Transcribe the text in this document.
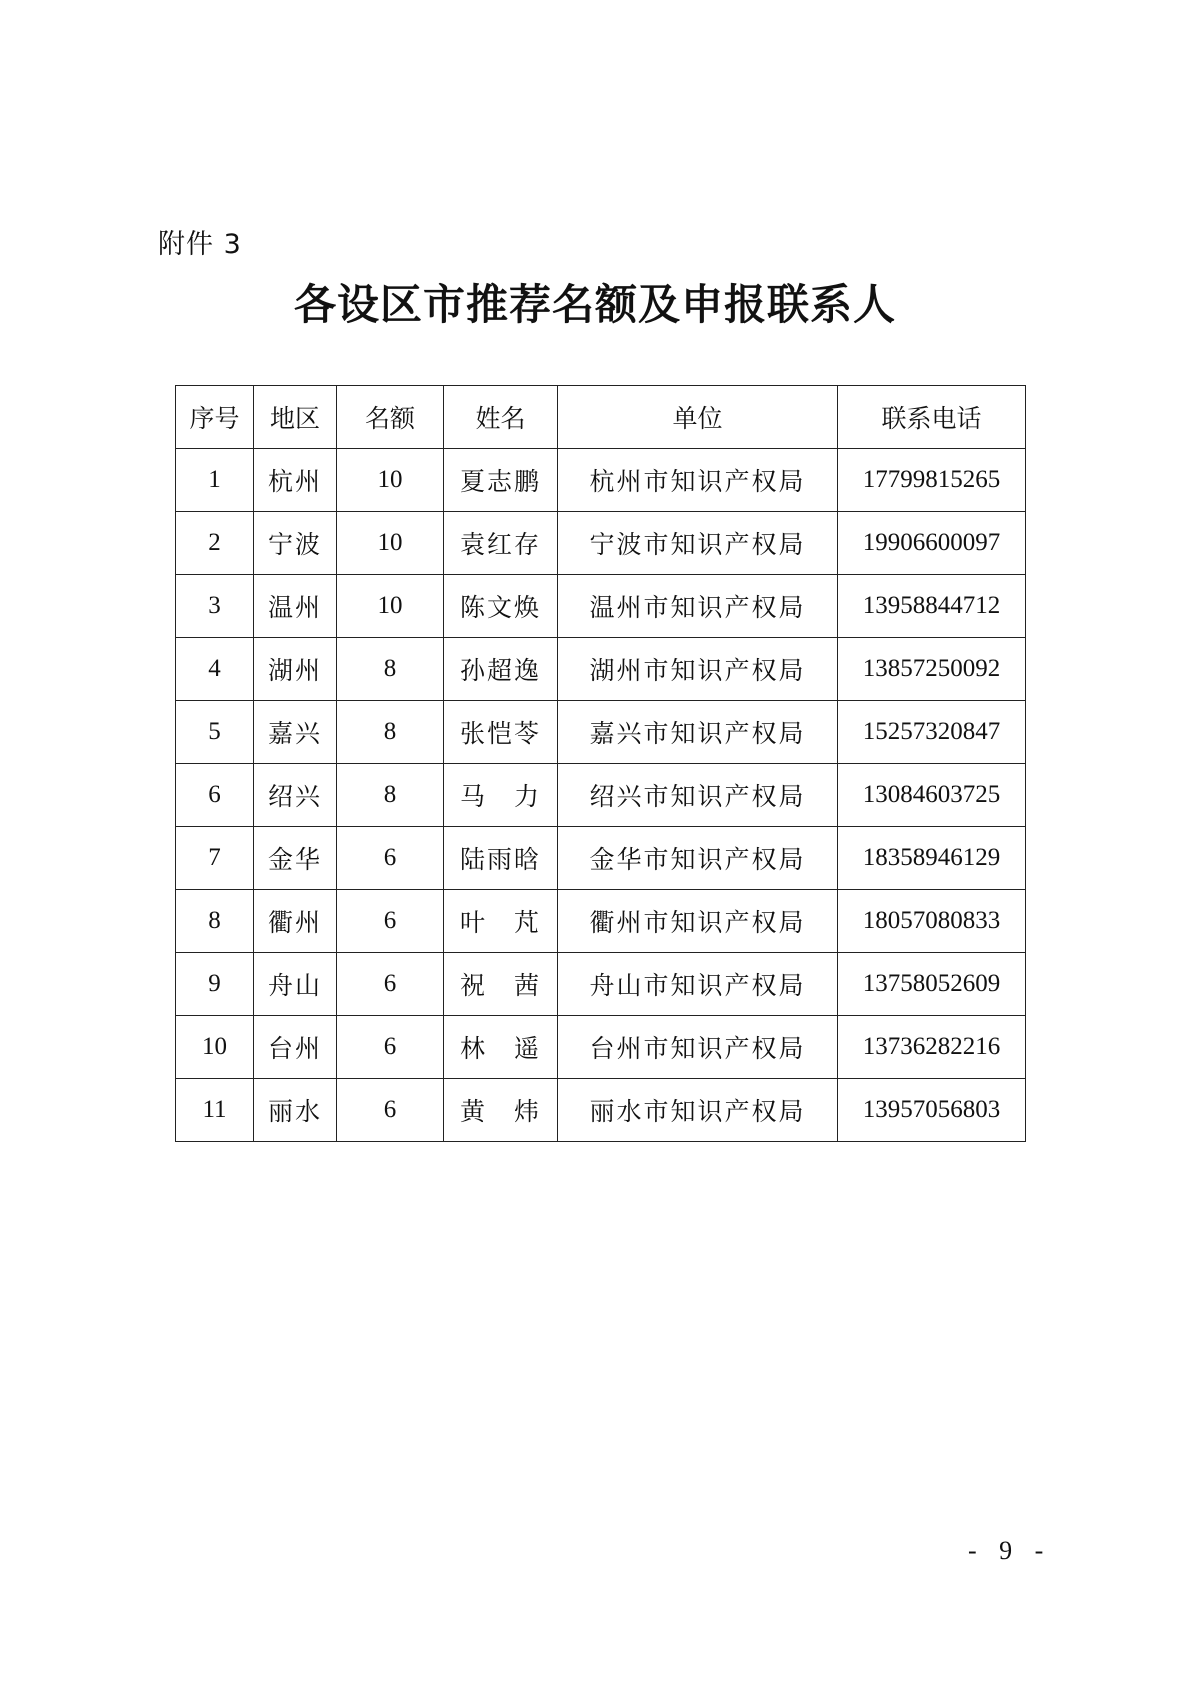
附件 3
各设区市推荐名额及申报联系人
序号	地区	名额	姓名	单位	联系电话
1	杭州	10	夏志鹏	杭州市知识产权局	17799815265
2	宁波	10	袁红存	宁波市知识产权局	19906600097
3	温州	10	陈文焕	温州市知识产权局	13958844712
4	湖州	8	孙超逸	湖州市知识产权局	13857250092
5	嘉兴	8	张恺苓	嘉兴市知识产权局	15257320847
6	绍兴	8	马　力	绍兴市知识产权局	13084603725
7	金华	6	陆雨晗	金华市知识产权局	18358946129
8	衢州	6	叶　芃	衢州市知识产权局	18057080833
9	舟山	6	祝　茜	舟山市知识产权局	13758052609
10	台州	6	林　遥	台州市知识产权局	13736282216
11	丽水	6	黄　炜	丽水市知识产权局	13957056803
- 9 -
